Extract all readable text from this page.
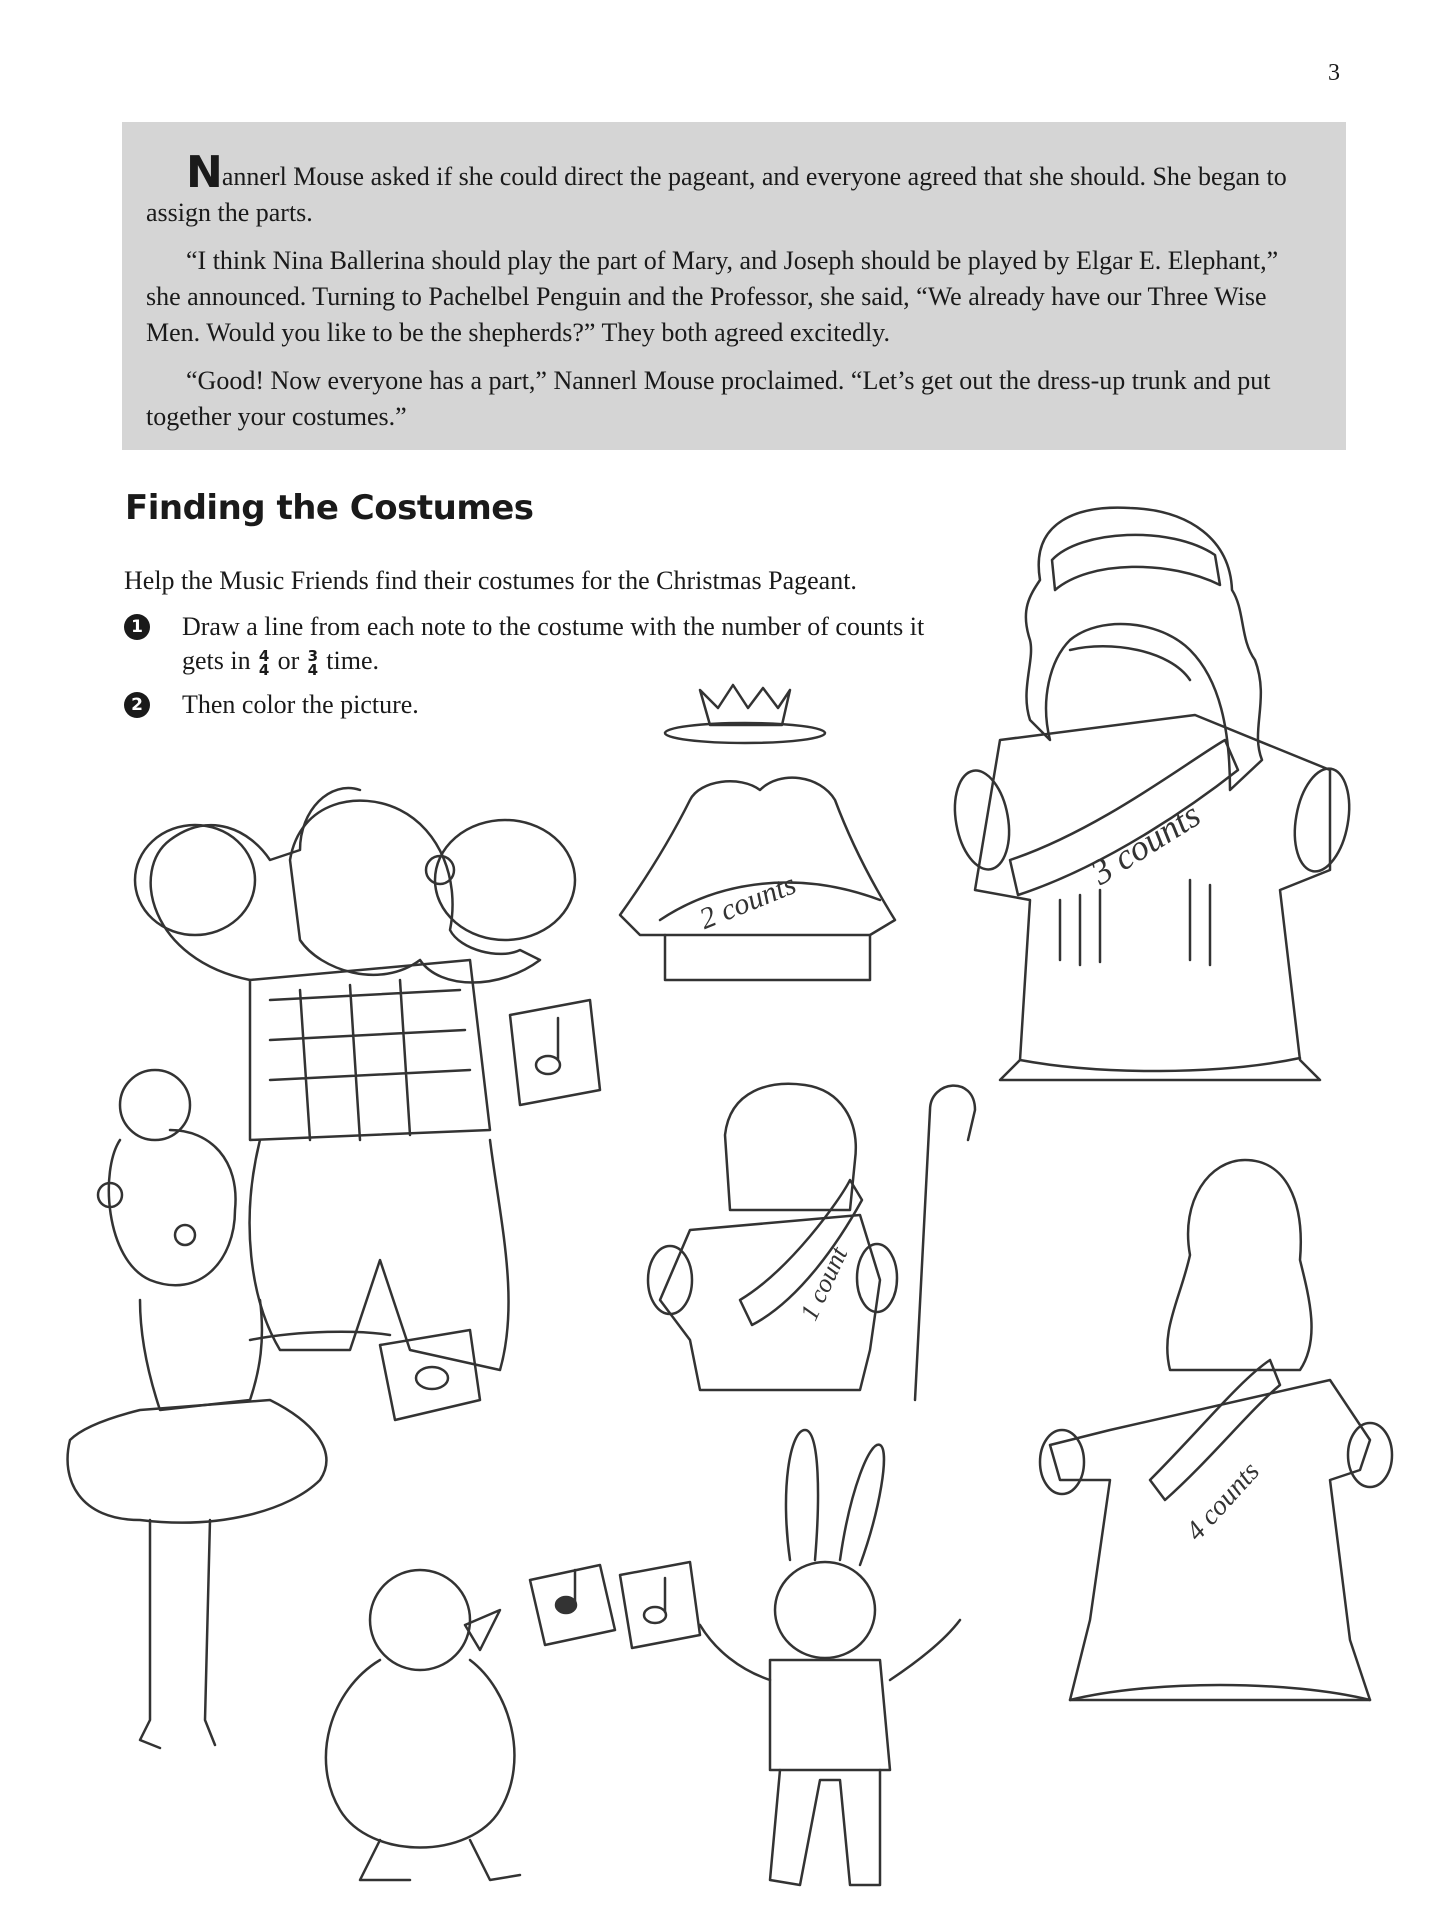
3

Nannerl Mouse asked if she could direct the pageant, and everyone agreed that she should. She began to assign the parts.

“I think Nina Ballerina should play the part of Mary, and Joseph should be played by Elgar E. Elephant,” she announced. Turning to Pachelbel Penguin and the Professor, she said, “We already have our Three Wise Men. Would you like to be the shepherds?” They both agreed excitedly.

“Good! Now everyone has a part,” Nannerl Mouse proclaimed. “Let’s get out the dress-up trunk and put together your costumes.”

Finding the Costumes

Help the Music Friends find their costumes for the Christmas Pageant.

1 Draw a line from each note to the costume with the number of counts it gets in 4
4 or 3
4 time.
2 Then color the picture.
3 counts
2 counts
1 count
4 counts
